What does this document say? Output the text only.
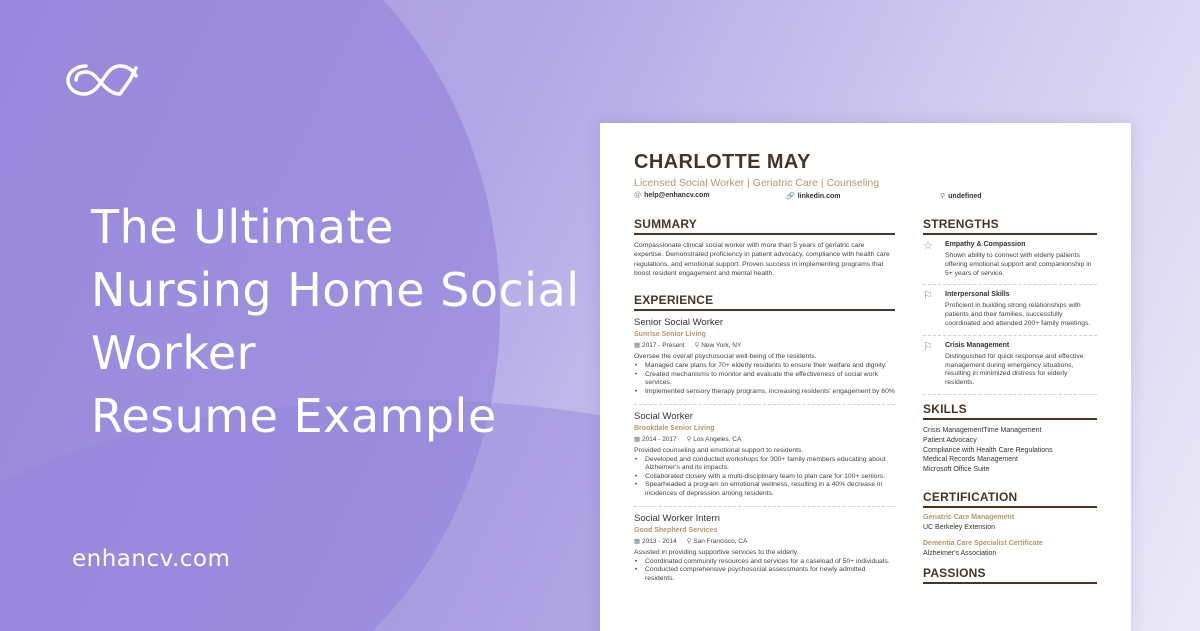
The Ultimate
Nursing Home Social
Worker
Resume Example
enhancv.com
CHARLOTTE MAY
Licensed Social Worker | Geriatric Care | Counseling
@ help@enhancv.com	🔗 linkedin.com	⚲ undefined
SUMMARY
Compassionate clinical social worker with more than 5 years of geriatric care expertise. Demonstrated proficiency in patient advocacy, compliance with health care regulations, and emotional support. Proven success in implementing programs that boost resident engagement and mental health.
EXPERIENCE
Senior Social Worker
Sunrise Senior Living
▦ 2017 - Present ⚲ New York, NY
Oversee the overall psychosocial well-being of the residents.
• Managed care plans for 70+ elderly residents to ensure their welfare and dignity.
• Created mechanisms to monitor and evaluate the effectiveness of social work services.
• Implemented sensory therapy programs, increasing residents' engagement by 60%
Social Worker
Brookdale Senior Living
▦ 2014 - 2017 ⚲ Los Angeles, CA
Provided counseling and emotional support to residents.
• Developed and conducted workshops for 300+ family members educating about Alzheimer's and its impacts.
• Collaborated closely with a multi-disciplinary team to plan care for 100+ seniors.
• Spearheaded a program on emotional wellness, resulting in a 40% decrease in incidences of depression among residents.
Social Worker Intern
Good Shepherd Services
▦ 2013 - 2014 ⚲ San Francisco, CA
Assisted in providing supportive services to the elderly.
• Coordinated community resources and services for a caseload of 50+ individuals.
• Conducted comprehensive psychosocial assessments for newly admitted residents.
STRENGTHS
☆	Empathy & Compassion
Shown ability to connect with elderly patients offering emotional support and companionship in 5+ years of service.
⚐	Interpersonal Skills
Proficient in building strong relationships with patients and their families, successfully coordinated and attended 200+ family meetings.
⚐	Crisis Management
Distinguished for quick response and effective management during emergency situations, resulting in minimized distress for elderly residents.
SKILLS
Crisis ManagementTime Management
Patient Advocacy
Compliance with Health Care Regulations
Medical Records Management
Microsoft Office Suite
CERTIFICATION
Geriatric Care Management
UC Berkeley Extension
Dementia Care Specialist Certificate
Alzheimer's Association
PASSIONS
